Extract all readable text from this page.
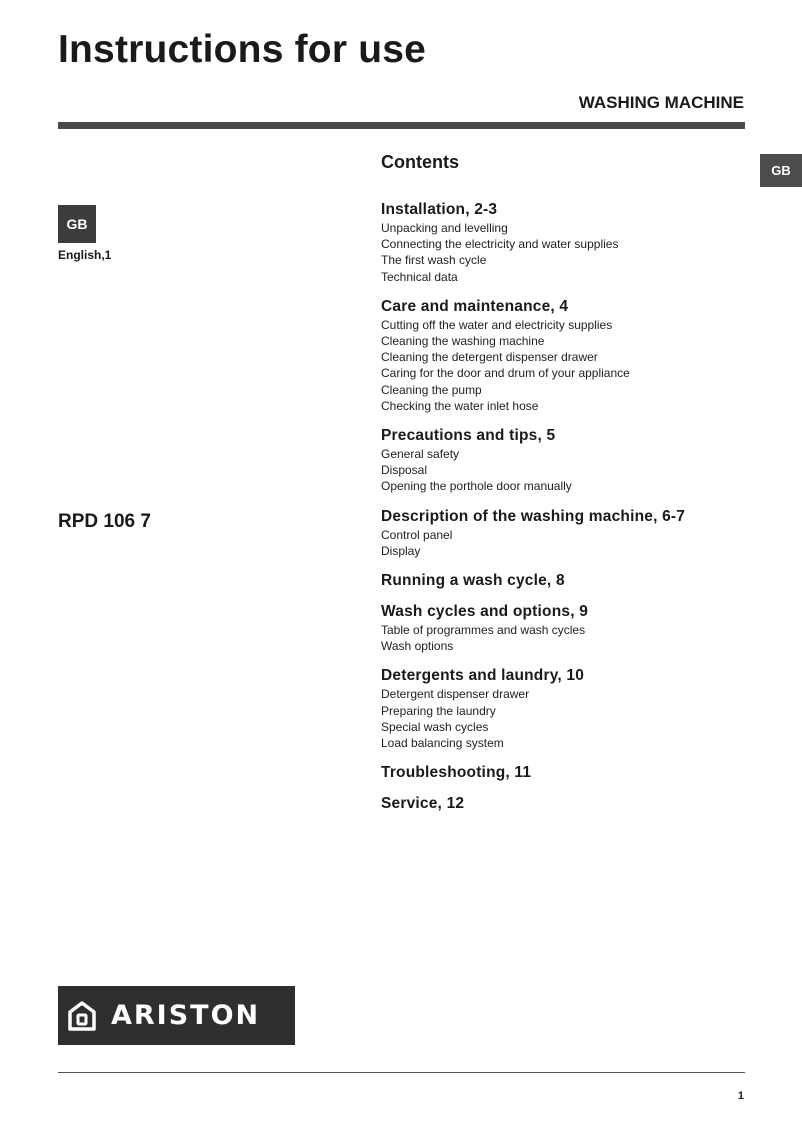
Instructions for use
WASHING MACHINE
GB
GB
English,1
RPD 106 7
Contents
Installation, 2-3
Unpacking and levelling
Connecting the electricity and water supplies
The first wash cycle
Technical data
Care and maintenance, 4
Cutting off the water and electricity supplies
Cleaning the washing machine
Cleaning the detergent dispenser drawer
Caring for the door and drum of your appliance
Cleaning the pump
Checking the water inlet hose
Precautions and tips, 5
General safety
Disposal
Opening the porthole door manually
Description of the washing machine, 6-7
Control panel
Display
Running a wash cycle, 8
Wash cycles and options, 9
Table of programmes and wash cycles
Wash options
Detergents and laundry, 10
Detergent dispenser drawer
Preparing the laundry
Special wash cycles
Load balancing system
Troubleshooting, 11
Service, 12
ARISTON
1
